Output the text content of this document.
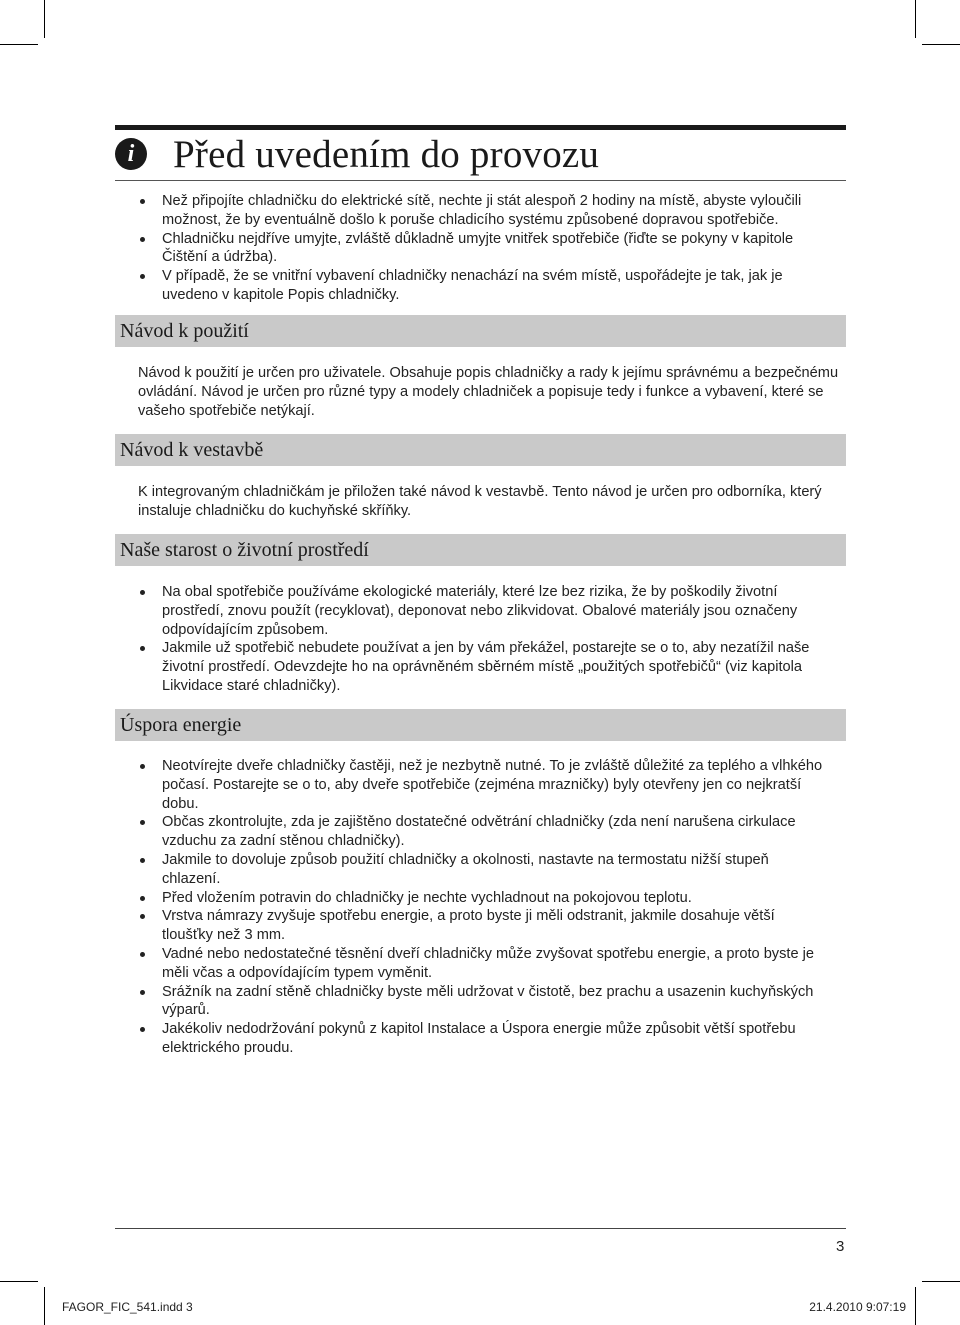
i Před uvedením do provozu
Než připojíte chladničku do elektrické sítě, nechte ji stát alespoň 2 hodiny na místě, abyste vyloučili možnost, že by eventuálně došlo k poruše chladicího systému způsobené dopravou spotřebiče.
Chladničku nejdříve umyjte, zvláště důkladně umyjte vnitřek spotřebiče (řiďte se pokyny v kapitole Čištění a údržba).
V případě, že se vnitřní vybavení chladničky nenachází na svém místě, uspořádejte je tak, jak je uvedeno v kapitole Popis chladničky.
Návod k použití

Návod k použití je určen pro uživatele. Obsahuje popis chladničky a rady k jejímu správnému a bezpečnému ovládání. Návod je určen pro různé typy a modely chladniček a popisuje tedy i funkce a vybavení, které se vašeho spotřebiče netýkají.

Návod k vestavbě

K integrovaným chladničkám je přiložen také návod k vestavbě. Tento návod je určen pro odborníka, který instaluje chladničku do kuchyňské skříňky.

Naše starost o životní prostředí
Na obal spotřebiče používáme ekologické materiály, které lze bez rizika, že by poškodily životní prostředí, znovu použít (recyklovat), deponovat nebo zlikvidovat. Obalové materiály jsou označeny odpovídajícím způsobem.
Jakmile už spotřebič nebudete používat a jen by vám překážel, postarejte se o to, aby nezatížil naše životní prostředí. Odevzdejte ho na oprávněném sběrném místě „použitých spotřebičů“ (viz kapitola Likvidace staré chladničky).
Úspora energie
Neotvírejte dveře chladničky častěji, než je nezbytně nutné. To je zvláště důležité za teplého a vlhkého počasí. Postarejte se o to, aby dveře spotřebiče (zejména mrazničky) byly otevřeny jen co nejkratší dobu.
Občas zkontrolujte, zda je zajištěno dostatečné odvětrání chladničky (zda není narušena cirkulace vzduchu za zadní stěnou chladničky).
Jakmile to dovoluje způsob použití chladničky a okolnosti, nastavte na termostatu nižší stupeň chlazení.
Před vložením potravin do chladničky je nechte vychladnout na pokojovou teplotu.
Vrstva námrazy zvyšuje spotřebu energie, a proto byste ji měli odstranit, jakmile dosahuje větší tloušťky než 3 mm.
Vadné nebo nedostatečné těsnění dveří chladničky může zvyšovat spotřebu energie, a proto byste je měli včas a odpovídajícím typem vyměnit.
Srážník na zadní stěně chladničky byste měli udržovat v čistotě, bez prachu a usazenin kuchyňských výparů.
Jakékoliv nedodržování pokynů z kapitol Instalace a Úspora energie může způsobit větší spotřebu elektrického proudu.
3
FAGOR_FIC_541.indd 3	21.4.2010 9:07:19
